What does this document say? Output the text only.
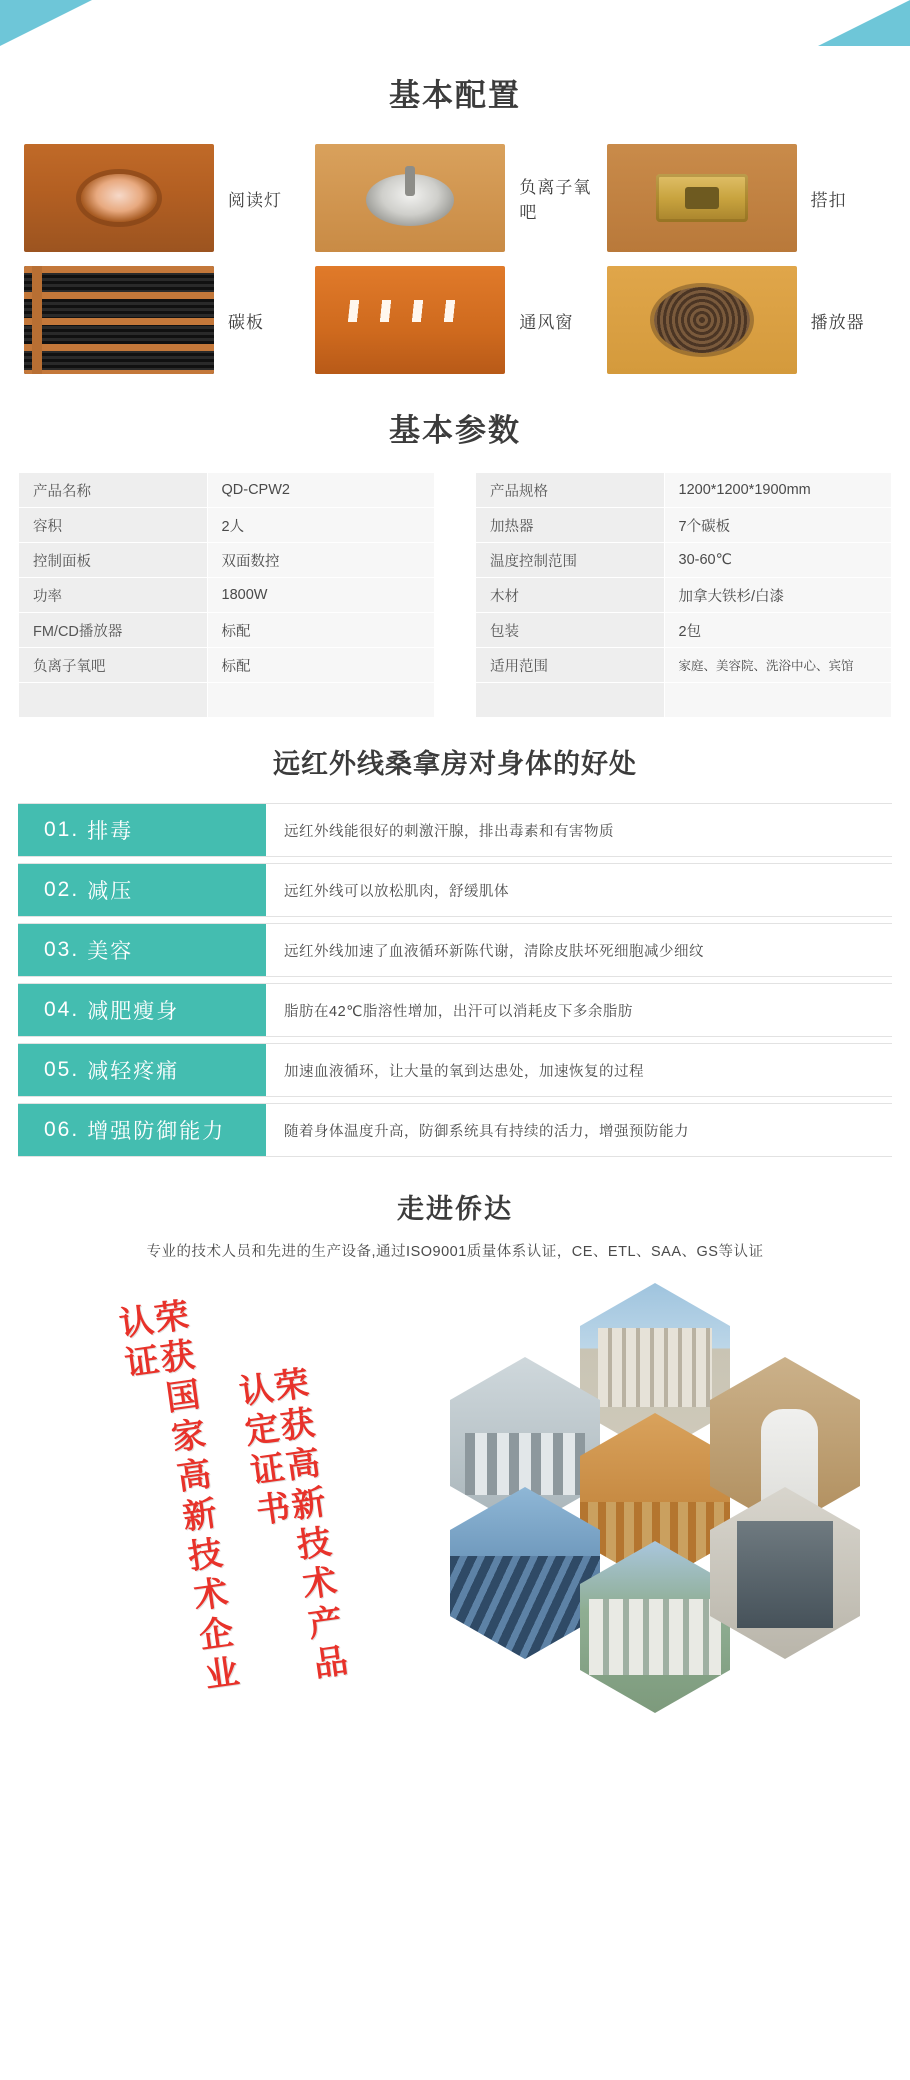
基本配置
阅读灯
负离子氧吧
搭扣
碳板	通风窗	播放器
基本参数
产品名称	QD-CPW2		产品规格	1200*1200*1900mm
容积	2人		加热器	7个碳板
控制面板	双面数控		温度控制范围	30-60℃
功率	1800W		木材	加拿大铁杉/白漆
FM/CD播放器	标配		包装	2包
负离子氧吧	标配		适用范围	家庭、美容院、洗浴中心、宾馆

远红外线桑拿房对身体的好处
01. 排毒	远红外线能很好的刺激汗腺，排出毒素和有害物质
02. 减压	远红外线可以放松肌肉，舒缓肌体
03. 美容	远红外线加速了血液循环新陈代谢，清除皮肤坏死细胞减少细纹
04. 减肥瘦身	脂肪在42℃脂溶性增加，出汗可以消耗皮下多余脂肪
05. 减轻疼痛	加速血液循环，让大量的氧到达患处，加速恢复的过程
06. 增强防御能力	随着身体温度升高，防御系统具有持续的活力，增强预防能力
走进侨达
专业的技术人员和先进的生产设备,通过ISO9001质量体系认证，CE、ETL、SAA、GS等认证
荣获国家高新技术企业认证
荣获高新技术产品认定证书
